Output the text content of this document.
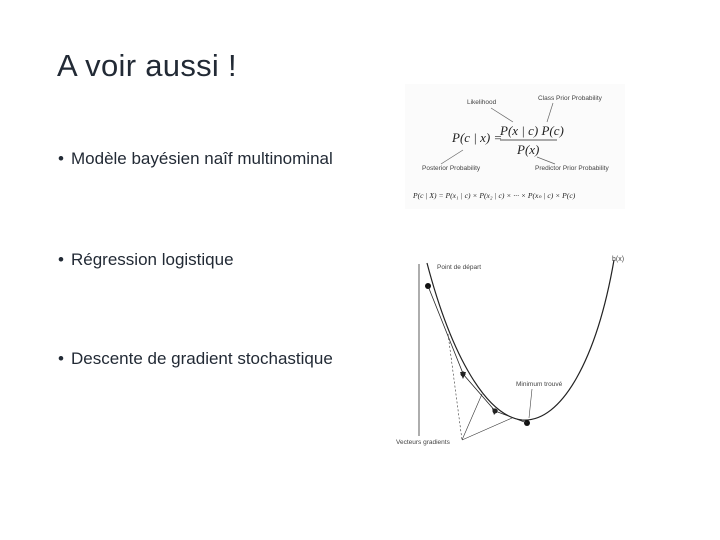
A voir aussi !
• Modèle bayésien naîf multinominal
• Régression logistique
• Descente de gradient stochastique
Likelihood
Class Prior Probability
P(c | x) =
P(x | c) P(c)
P(x)
Posterior Probability	Predictor Prior Probability
P(c | X) = P(x₁ | c) × P(x₂ | c) × ··· × P(xₙ | c) × P(c)
h(x)
Point de départ
Minimum trouvé
Vecteurs gradients
